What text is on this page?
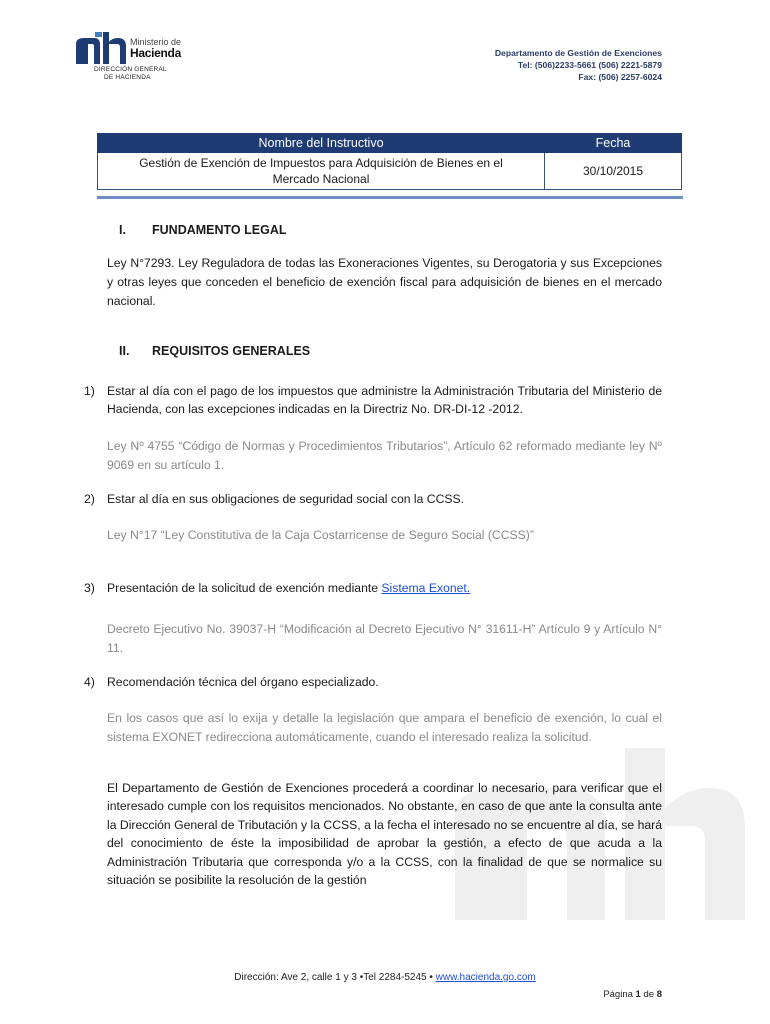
Ministerio de
Hacienda
DIRECCIÓN GENERAL
DE HACIENDA
Departamento de Gestión de Exenciones
Tel: (506)2233-5661 (506) 2221-5879
Fax: (506) 2257-6024
Nombre del Instructivo	Fecha

Gestión de Exención de Impuestos para Adquisición de Bienes en el
Mercado Nacional	30/10/2015
I. FUNDAMENTO LEGAL
Ley N°7293. Ley Reguladora de todas las Exoneraciones Vigentes, su Derogatoria y sus Excepciones y otras leyes que conceden el beneficio de exención fiscal para adquisición de bienes en el mercado nacional.
II. REQUISITOS GENERALES
1) Estar al día con el pago de los impuestos que administre la Administración Tributaria del Ministerio de Hacienda, con las excepciones indicadas en la Directriz No. DR-DI-12 -2012.
Ley Nº 4755 “Código de Normas y Procedimientos Tributarios”, Artículo 62 reformado mediante ley Nº 9069 en su artículo 1.
2) Estar al día en sus obligaciones de seguridad social con la CCSS.
Ley N°17 “Ley Constitutiva de la Caja Costarricense de Seguro Social (CCSS)”
3) Presentación de la solicitud de exención mediante Sistema Exonet.
Decreto Ejecutivo No. 39037-H “Modificación al Decreto Ejecutivo N° 31611-H” Artículo 9 y Artículo N° 11.
4) Recomendación técnica del órgano especializado.
En los casos que así lo exija y detalle la legislación que ampara el beneficio de exención, lo cual el sistema EXONET redirecciona automáticamente, cuando el interesado realiza la solicitud.
El Departamento de Gestión de Exenciones procederá a coordinar lo necesario, para verificar que el interesado cumple con los requisitos mencionados. No obstante, en caso de que ante la consulta ante la Dirección General de Tributación y la CCSS, a la fecha el interesado no se encuentre al día, se hará del conocimiento de éste la imposibilidad de aprobar la gestión, a efecto de que acuda a la Administración Tributaria que corresponda y/o a la CCSS, con la finalidad de que se normalice su situación se posibilite la resolución de la gestión
Dirección: Ave 2, calle 1 y 3 •Tel 2284-5245 • www.hacienda.go.com
Página 1 de 8
